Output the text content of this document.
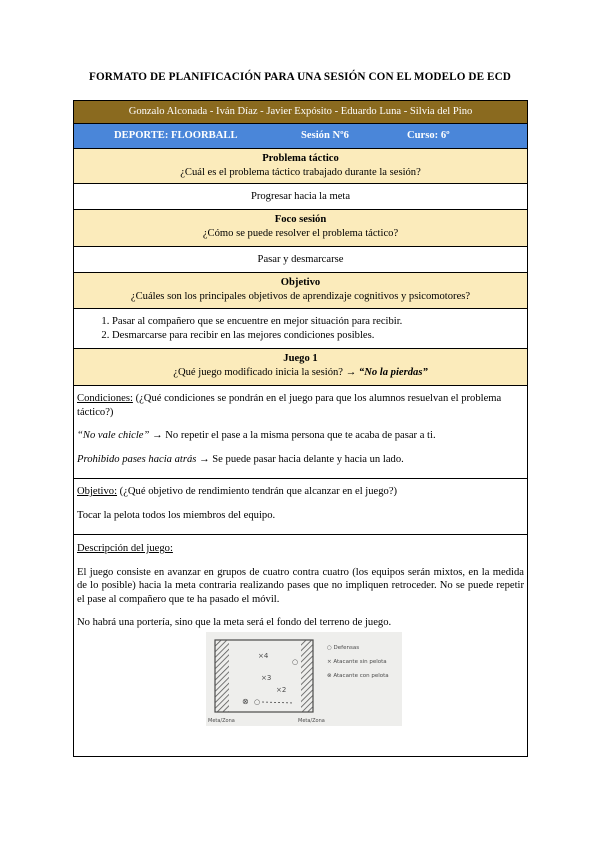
FORMATO DE PLANIFICACIÓN PARA UNA SESIÓN CON EL MODELO DE ECD
Gonzalo Alconada - Iván Díaz - Javier Expósito - Eduardo Luna - Silvia del Pino
DEPORTE: FLOORBALL	Sesión Nº6	Curso: 6º
Problema táctico
¿Cuál es el problema táctico trabajado durante la sesión?
Progresar hacia la meta
Foco sesión
¿Cómo se puede resolver el problema táctico?
Pasar y desmarcarse
Objetivo
¿Cuáles son los principales objetivos de aprendizaje cognitivos y psicomotores?
1. Pasar al compañero que se encuentre en mejor situación para recibir.
2. Desmarcarse para recibir en las mejores condiciones posibles.
Juego 1
¿Qué juego modificado inicia la sesión? → “No la pierdas”

Condiciones: (¿Qué condiciones se pondrán en el juego para que los alumnos resuelvan el problema táctico?)

“No vale chicle” → No repetir el pase a la misma persona que te acaba de pasar a ti.

Prohibido pases hacia atrás → Se puede pasar hacia delante y hacia un lado.

Objetivo: (¿Qué objetivo de rendimiento tendrán que alcanzar en el juego?)

Tocar la pelota todos los miembros del equipo.

Descripción del juego:

El juego consiste en avanzar en grupos de cuatro contra cuatro (los equipos serán mixtos, en la medida de lo posible) hacia la meta contraria realizando pases que no impliquen retroceder. No se puede repetir el pase al compañero que te ha pasado el móvil.

No habrá una portería, sino que la meta será el fondo del terreno de juego.

×4
×3
×2
⊗ ○
○
○ Defensas
× Atacante sin pelota
⊗ Atacante con pelota
Meta/Zona	Meta/Zona
